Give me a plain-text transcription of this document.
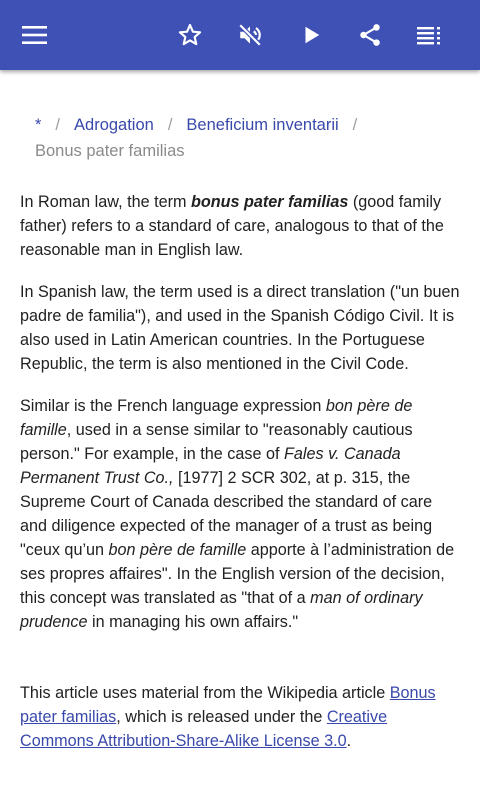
* / Adrogation / Beneficium inventarii /
Bonus pater familias

In Roman law, the term bonus pater familias (good family father) refers to a standard of care, analogous to that of the reasonable man in English law.

In Spanish law, the term used is a direct translation ("un buen padre de familia"), and used in the Spanish Código Civil. It is also used in Latin American countries. In the Portuguese Republic, the term is also mentioned in the Civil Code.

Similar is the French language expression bon père de famille, used in a sense similar to "reasonably cautious person." For example, in the case of Fales v. Canada Permanent Trust Co., [1977] 2 SCR 302, at p. 315, the Supreme Court of Canada described the standard of care and diligence expected of the manager of a trust as being "ceux qu’un bon père de famille apporte à l’administration de ses propres affaires". In the English version of the decision, this concept was translated as "that of a man of ordinary prudence in managing his own affairs."

This article uses material from the Wikipedia article Bonus pater familias, which is released under the Creative Commons Attribution-Share-Alike License 3.0.
